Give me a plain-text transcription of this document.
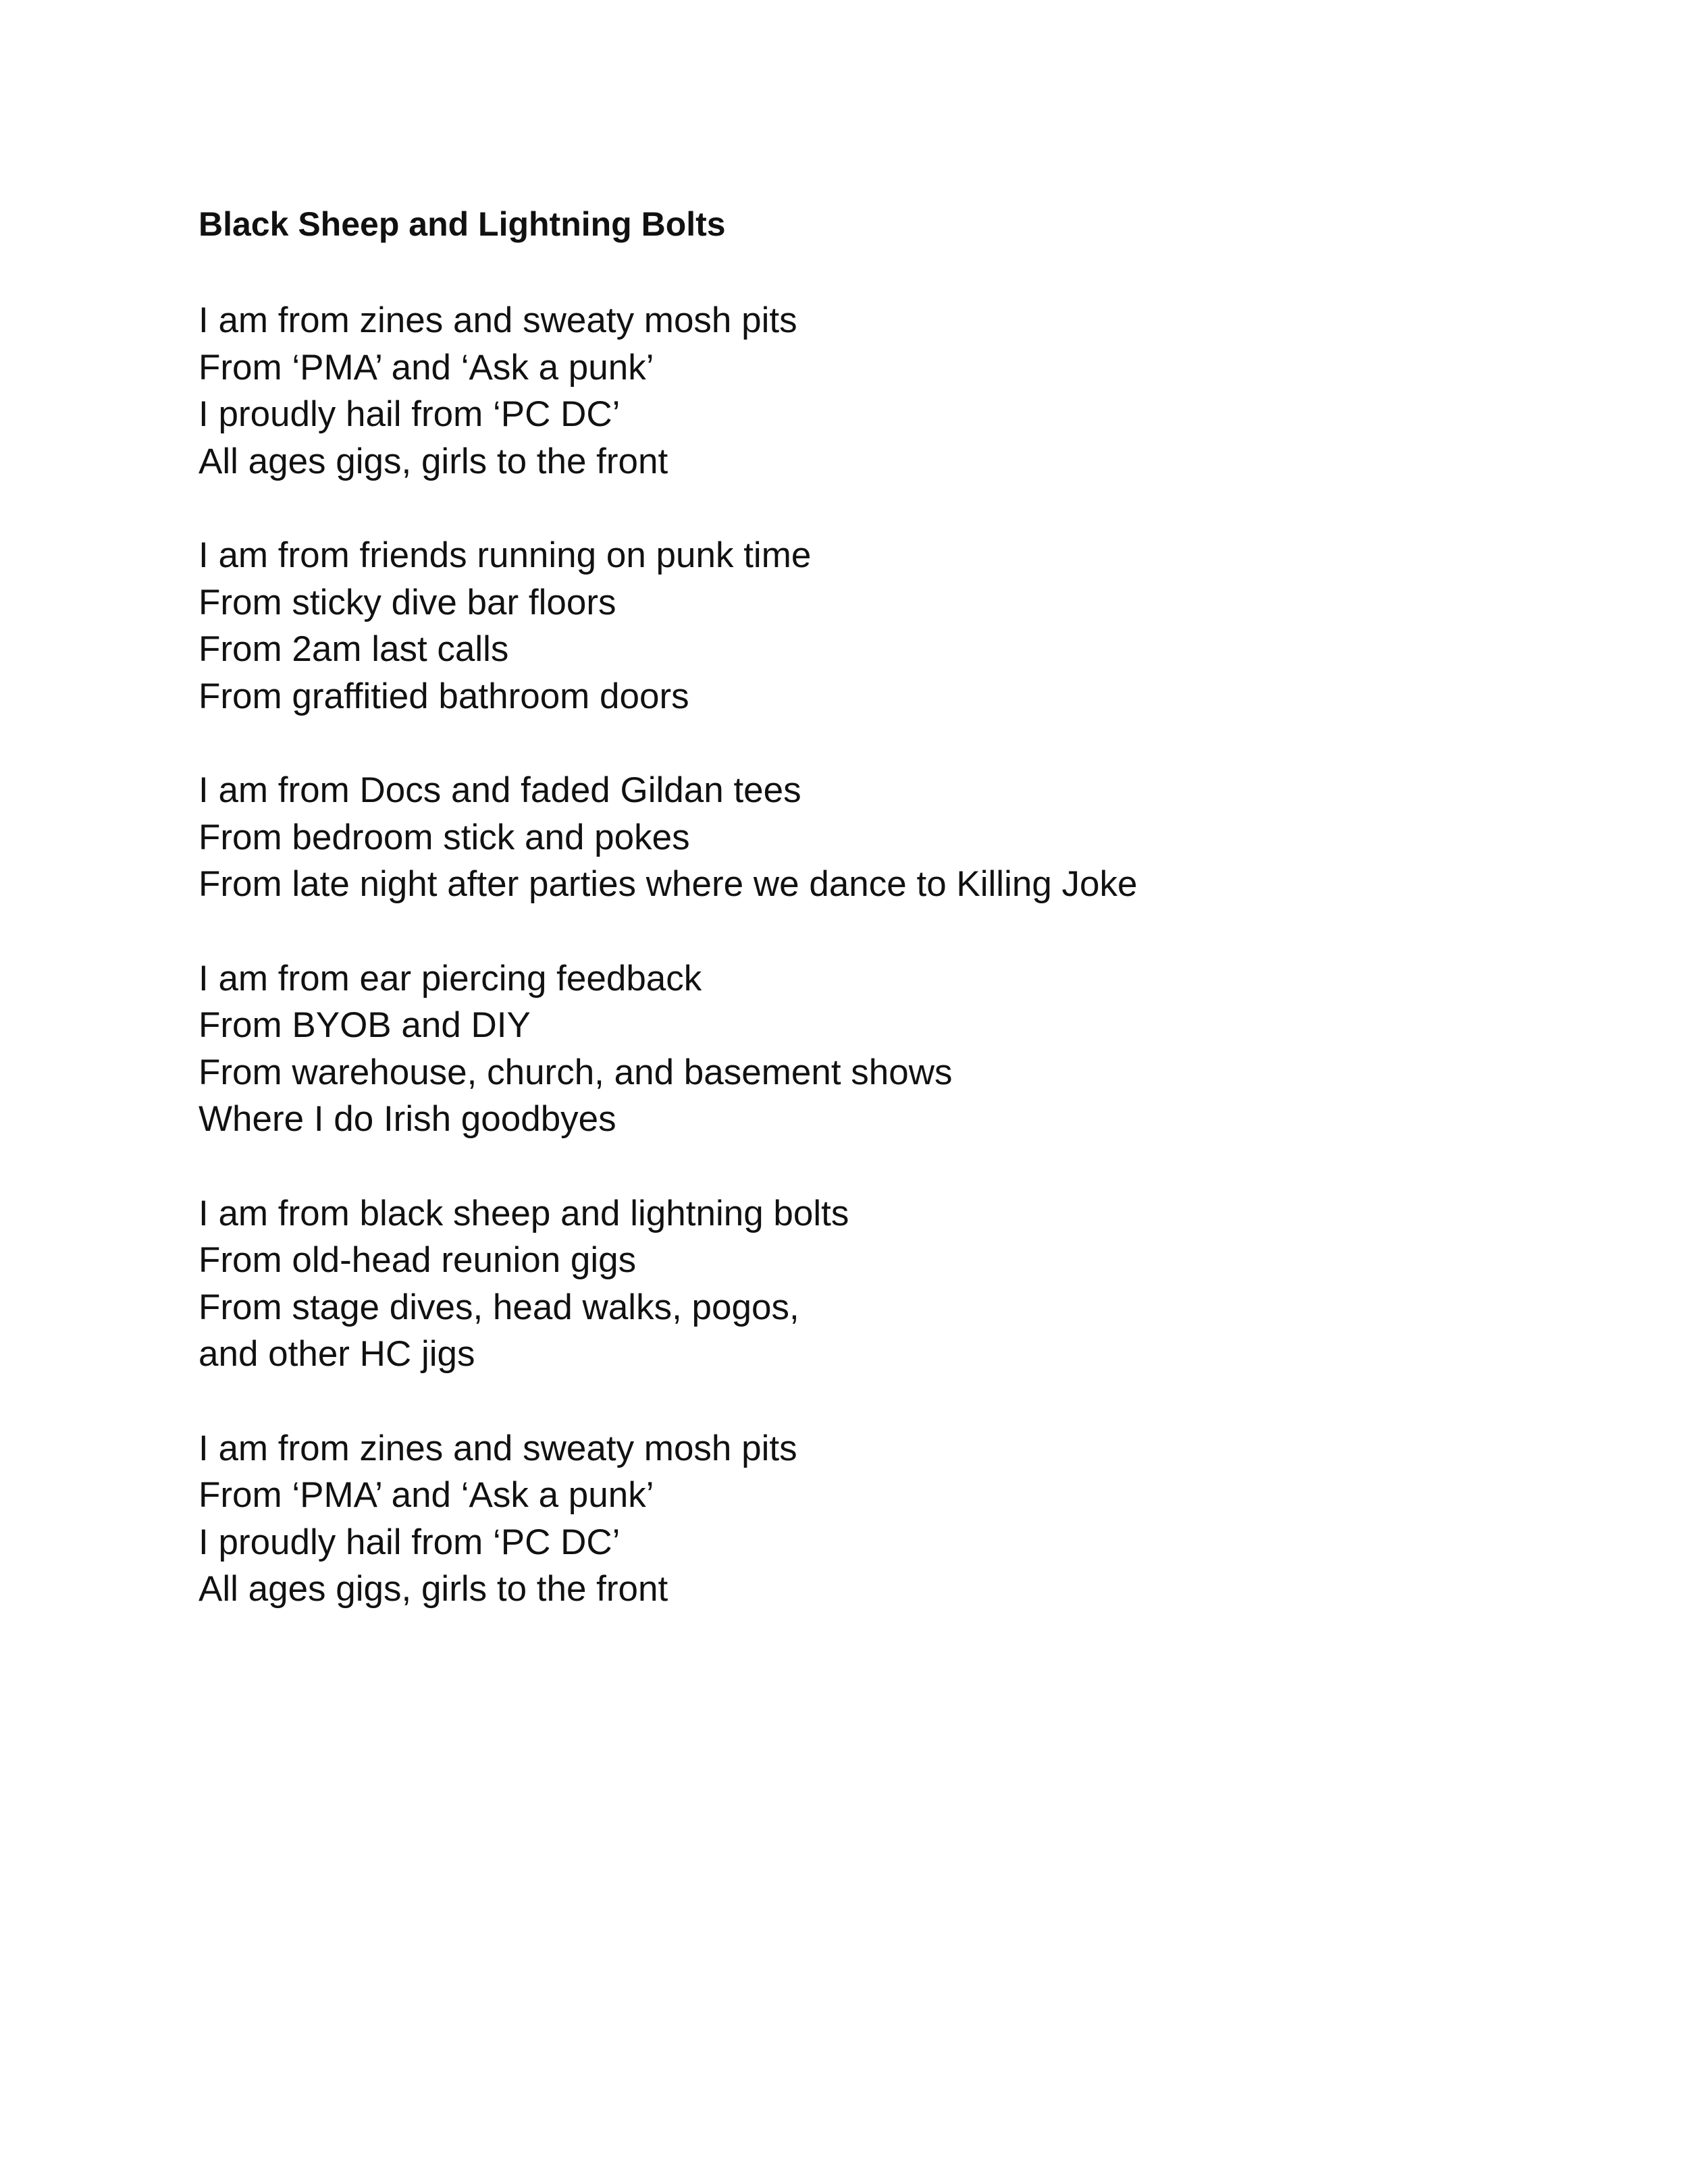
Black Sheep and Lightning Bolts
I am from zines and sweaty mosh pits
From ‘PMA’ and ‘Ask a punk’
I proudly hail from ‘PC DC’
All ages gigs, girls to the front
I am from friends running on punk time
From sticky dive bar floors
From 2am last calls
From graffitied bathroom doors
I am from Docs and faded Gildan tees
From bedroom stick and pokes
From late night after parties where we dance to Killing Joke
I am from ear piercing feedback
From BYOB and DIY
From warehouse, church, and basement shows
Where I do Irish goodbyes
I am from black sheep and lightning bolts
From old-head reunion gigs
From stage dives, head walks, pogos,
and other HC jigs
I am from zines and sweaty mosh pits
From ‘PMA’ and ‘Ask a punk’
I proudly hail from ‘PC DC’
All ages gigs, girls to the front
